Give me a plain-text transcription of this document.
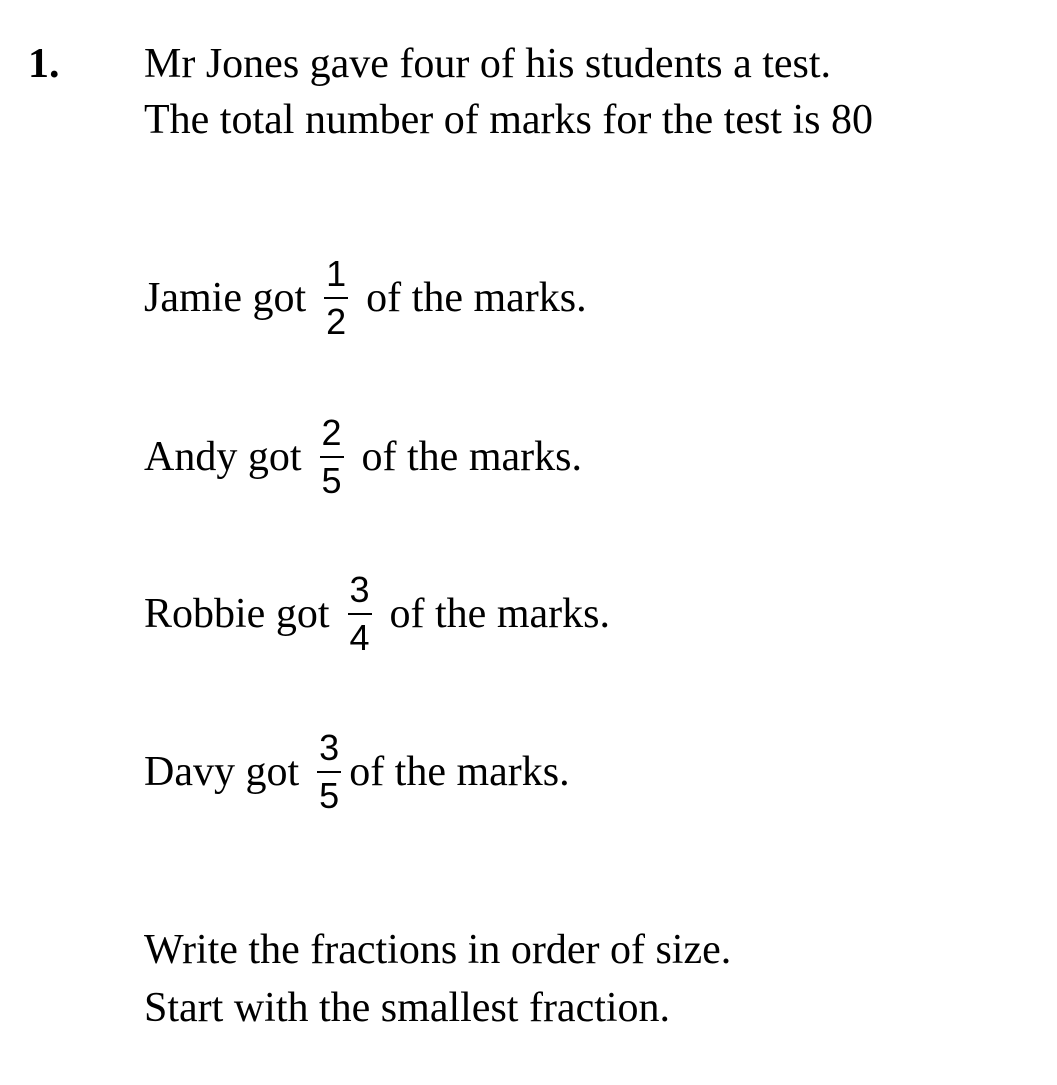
1. Mr Jones gave four of his students a test.
The total number of marks for the test is 80
Jamie got $\frac{1}{2}$ of the marks.
Andy got $\frac{2}{5}$ of the marks.
Robbie got $\frac{3}{4}$ of the marks.
Davy got $\frac{3}{5}$ of the marks.
Write the fractions in order of size.
Start with the smallest fraction.
